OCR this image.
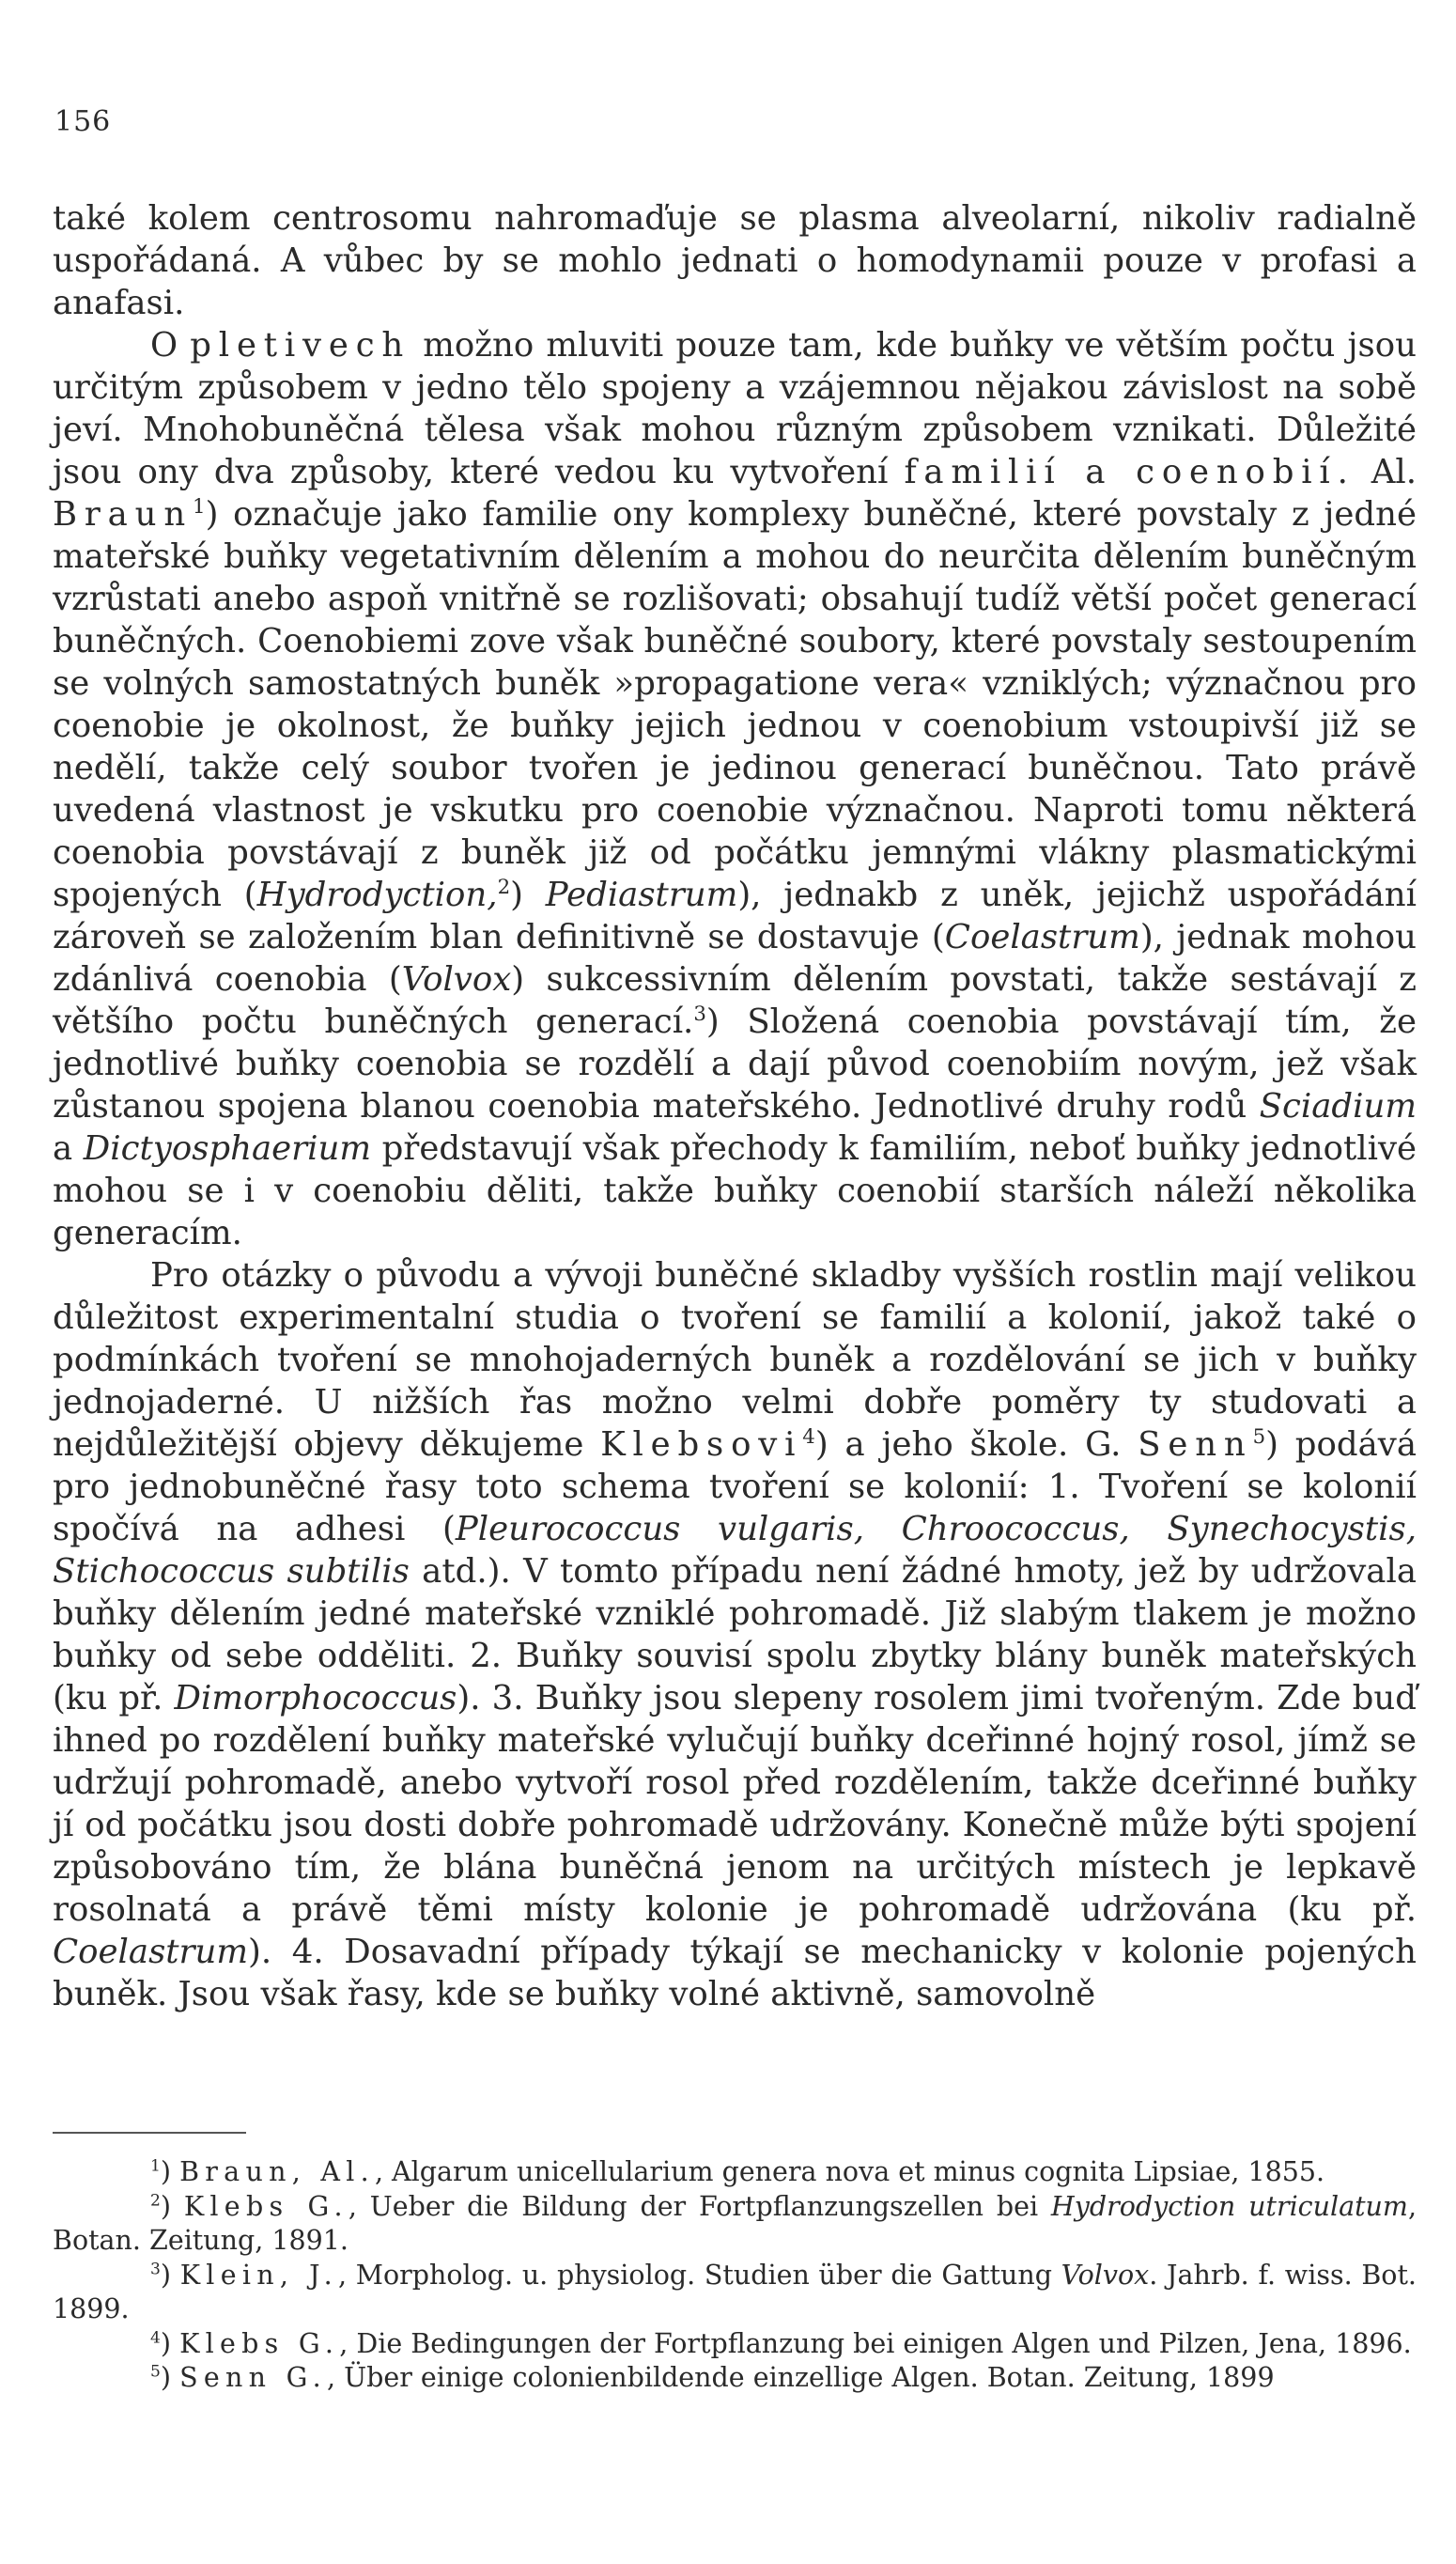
156

také kolem centrosomu nahromaďuje se plasma alveolarní, nikoliv radialně uspořádaná. A vůbec by se mohlo jednati o homodynamii pouze v profasi a anafasi.

O pletivech možno mluviti pouze tam, kde buňky ve větším počtu jsou určitým způsobem v jedno tělo spojeny a vzájemnou nějakou závislost na sobě jeví. Mnohobuněčná tělesa však mohou různým způsobem vznikati. Důležité jsou ony dva způsoby, které vedou ku vytvoření familií a coenobií. Al. Braun$^1$) označuje jako familie ony komplexy buněčné, které povstaly z jedné mateřské buňky vegetativním dělením a mohou do neurčita dělením buněčným vzrůstati anebo aspoň vnitřně se rozlišovati; obsahují tudíž větší počet generací buněčných. Coenobiemi zove však buněčné soubory, které povstaly sestoupením se volných samostatných buněk »propagatione vera« vzniklých; význačnou pro coenobie je okolnost, že buňky jejich jednou v coenobium vstoupivší již se nedělí, takže celý soubor tvořen je jedinou generací buněčnou. Tato právě uvedená vlastnost je vskutku pro coenobie význačnou. Naproti tomu některá coenobia povstávají z buněk již od počátku jemnými vlákny plasmatickými spojených (Hydrodyction,$^2$) Pediastrum), jednakb z uněk, jejichž uspořádání zároveň se založením blan definitivně se dostavuje (Coelastrum), jednak mohou zdánlivá coenobia (Volvox) sukcessivním dělením povstati, takže sestávají z většího počtu buněčných generací.$^3$) Složená coenobia povstávají tím, že jednotlivé buňky coenobia se rozdělí a dají původ coenobiím novým, jež však zůstanou spojena blanou coenobia mateřského. Jednotlivé druhy rodů Sciadium a Dictyosphaerium představují však přechody k familiím, neboť buňky jednotlivé mohou se i v coenobiu děliti, takže buňky coenobií starších náleží několika generacím.

Pro otázky o původu a vývoji buněčné skladby vyšších rostlin mají velikou důležitost experimentalní studia o tvoření se familií a kolonií, jakož také o podmínkách tvoření se mnohojaderných buněk a rozdělování se jich v buňky jednojaderné. U nižších řas možno velmi dobře poměry ty studovati a nejdůležitější objevy děkujeme Klebsovi$^4$) a jeho škole. G. Senn$^5$) podává pro jednobuněčné řasy toto schema tvoření se kolonií: 1. Tvoření se kolonií spočívá na adhesi (Pleurococcus vulgaris, Chroococcus, Synechocystis, Stichococcus subtilis atd.). V tomto případu není žádné hmoty, jež by udržovala buňky dělením jedné mateřské vzniklé pohromadě. Již slabým tlakem je možno buňky od sebe odděliti. 2. Buňky souvisí spolu zbytky blány buněk mateřských (ku př. Dimorphococcus). 3. Buňky jsou slepeny rosolem jimi tvořeným. Zde buď ihned po rozdělení buňky mateřské vylučují buňky dceřinné hojný rosol, jímž se udržují pohromadě, anebo vytvoří rosol před rozdělením, takže dceřinné buňky jí od počátku jsou dosti dobře pohromadě udržovány. Konečně může býti spojení způsobováno tím, že blána buněčná jenom na určitých místech je lepkavě rosolnatá a právě těmi místy kolonie je pohromadě udržována (ku př. Coelastrum). 4. Dosavadní případy týkají se mechanicky v kolonie pojených buněk. Jsou však řasy, kde se buňky volné aktivně, samovolně

$^1$) Braun, Al., Algarum unicellularium genera nova et minus cognita Lipsiae, 1855.

$^2$) Klebs G., Ueber die Bildung der Fortpflanzungszellen bei Hydrodyction utriculatum, Botan. Zeitung, 1891.

$^3$) Klein, J., Morpholog. u. physiolog. Studien über die Gattung Volvox. Jahrb. f. wiss. Bot. 1899.

$^4$) Klebs G., Die Bedingungen der Fortpflanzung bei einigen Algen und Pilzen, Jena, 1896.

$^5$) Senn G., Über einige colonienbildende einzellige Algen. Botan. Zeitung, 1899
